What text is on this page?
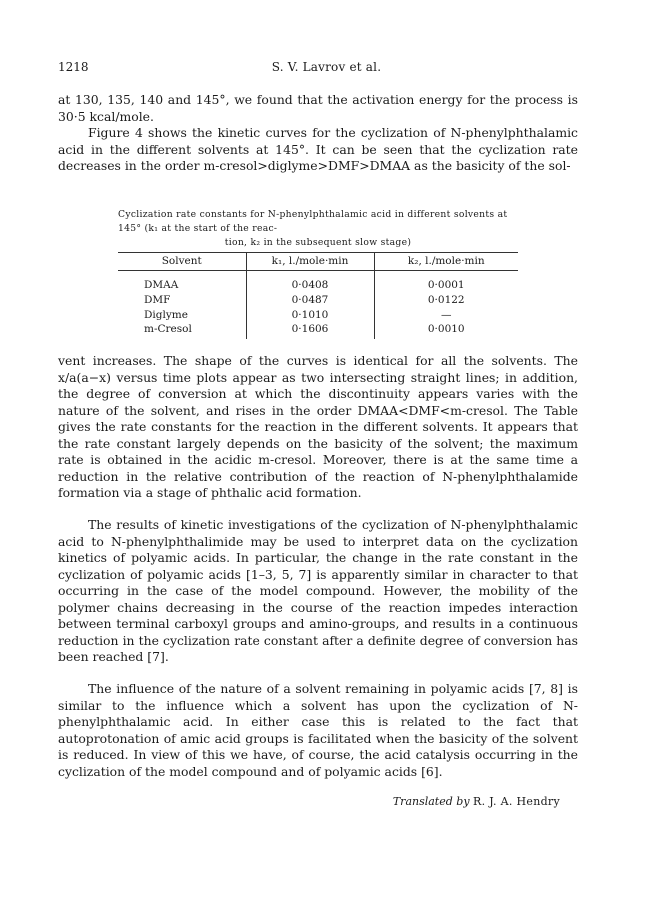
1218	S. V. Lavrov et al.

at 130, 135, 140 and 145°, we found that the activation energy for the process is 30·5 kcal/mole.

Figure 4 shows the kinetic curves for the cyclization of N-phenylphthalamic acid in the different solvents at 145°. It can be seen that the cyclization rate decreases in the order m-cresol>diglyme>DMF>DMAA as the basicity of the sol-

Cyclization rate constants for N-phenylphthalamic acid in different solvents at 145° (k₁ at the start of the reac-
tion, k₂ in the subsequent slow stage)

Solvent	k₁, l./mole·min	k₂, l./mole·min
DMAA	0·0408	0·0001
DMF	0·0487	0·0122
Diglyme	0·1010	—
m-Cresol	0·1606	0·0010

vent increases. The shape of the curves is identical for all the solvents. The x/a(a−x) versus time plots appear as two intersecting straight lines; in addition, the degree of conversion at which the discontinuity appears varies with the nature of the solvent, and rises in the order DMAA<DMF<m-cresol. The Table gives the rate constants for the reaction in the different solvents. It appears that the rate constant largely depends on the basicity of the solvent; the maximum rate is obtained in the acidic m-cresol. Moreover, there is at the same time a reduction in the relative contribution of the reaction of N-phenylphthalamide formation via a stage of phthalic acid formation.

The results of kinetic investigations of the cyclization of N-phenylphthalamic acid to N-phenylphthalimide may be used to interpret data on the cyclization kinetics of polyamic acids. In particular, the change in the rate constant in the cyclization of polyamic acids [1–3, 5, 7] is apparently similar in character to that occurring in the case of the model compound. However, the mobility of the polymer chains decreasing in the course of the reaction impedes interaction between terminal carboxyl groups and amino-groups, and results in a continuous reduction in the cyclization rate constant after a definite degree of conversion has been reached [7].

The influence of the nature of a solvent remaining in polyamic acids [7, 8] is similar to the influence which a solvent has upon the cyclization of N-phenylphthalamic acid. In either case this is related to the fact that autoprotonation of amic acid groups is facilitated when the basicity of the solvent is reduced. In view of this we have, of course, the acid catalysis occurring in the cyclization of the model compound and of polyamic acids [6].

Translated by R. J. A. Hendry
